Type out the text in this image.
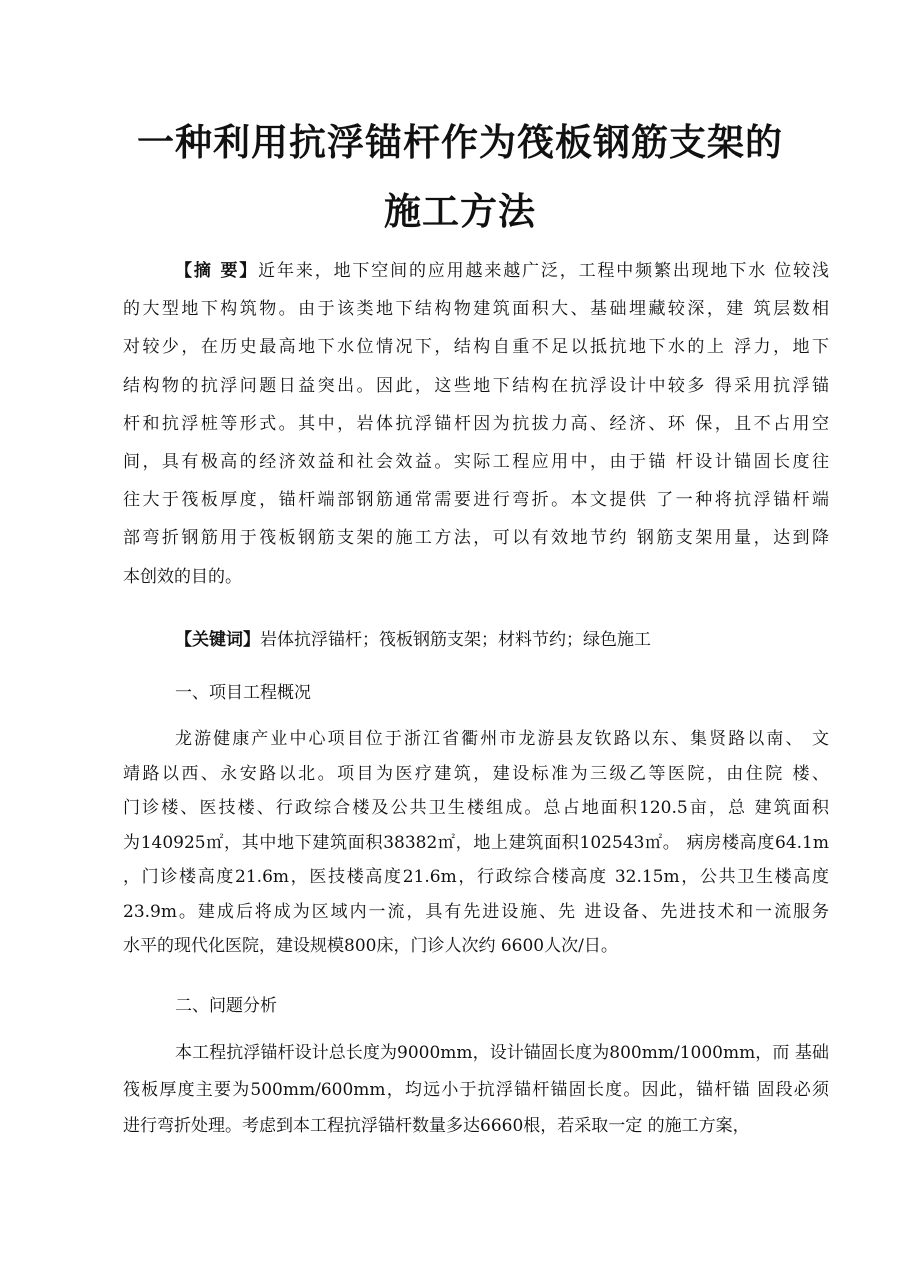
一种利用抗浮锚杆作为筏板钢筋支架的
施工方法
【摘 要】近年来，地下空间的应用越来越广泛，工程中频繁出现地下水 位较浅
的大型地下构筑物。由于该类地下结构物建筑面积大、基础埋藏较深，建 筑层数相
对较少，在历史最高地下水位情况下，结构自重不足以抵抗地下水的上 浮力，地下
结构物的抗浮问题日益突出。因此，这些地下结构在抗浮设计中较多 得采用抗浮锚
杆和抗浮桩等形式。其中，岩体抗浮锚杆因为抗拔力高、经济、环 保，且不占用空
间，具有极高的经济效益和社会效益。实际工程应用中，由于锚 杆设计锚固长度往
往大于筏板厚度，锚杆端部钢筋通常需要进行弯折。本文提供 了一种将抗浮锚杆端
部弯折钢筋用于筏板钢筋支架的施工方法，可以有效地节约 钢筋支架用量，达到降
本创效的目的。
【关键词】岩体抗浮锚杆；筏板钢筋支架；材料节约；绿色施工
一、项目工程概况
龙游健康产业中心项目位于浙江省衢州市龙游县友钦路以东、集贤路以南、 文
靖路以西、永安路以北。项目为医疗建筑，建设标准为三级乙等医院，由住院 楼、
门诊楼、医技楼、行政综合楼及公共卫生楼组成。总占地面积120.5亩，总 建筑面积
为140925㎡，其中地下建筑面积38382㎡，地上建筑面积102543㎡。 病房楼高度64.1m
，门诊楼高度21.6m，医技楼高度21.6m，行政综合楼高度 32.15m，公共卫生楼高度
23.9m。建成后将成为区域内一流，具有先进设施、先 进设备、先进技术和一流服务
水平的现代化医院，建设规模800床，门诊人次约 6600人次/日。
二、问题分析
本工程抗浮锚杆设计总长度为9000mm，设计锚固长度为800mm/1000mm，而 基础
筏板厚度主要为500mm/600mm，均远小于抗浮锚杆锚固长度。因此，锚杆锚 固段必须
进行弯折处理。考虑到本工程抗浮锚杆数量多达6660根，若采取一定 的施工方案，
